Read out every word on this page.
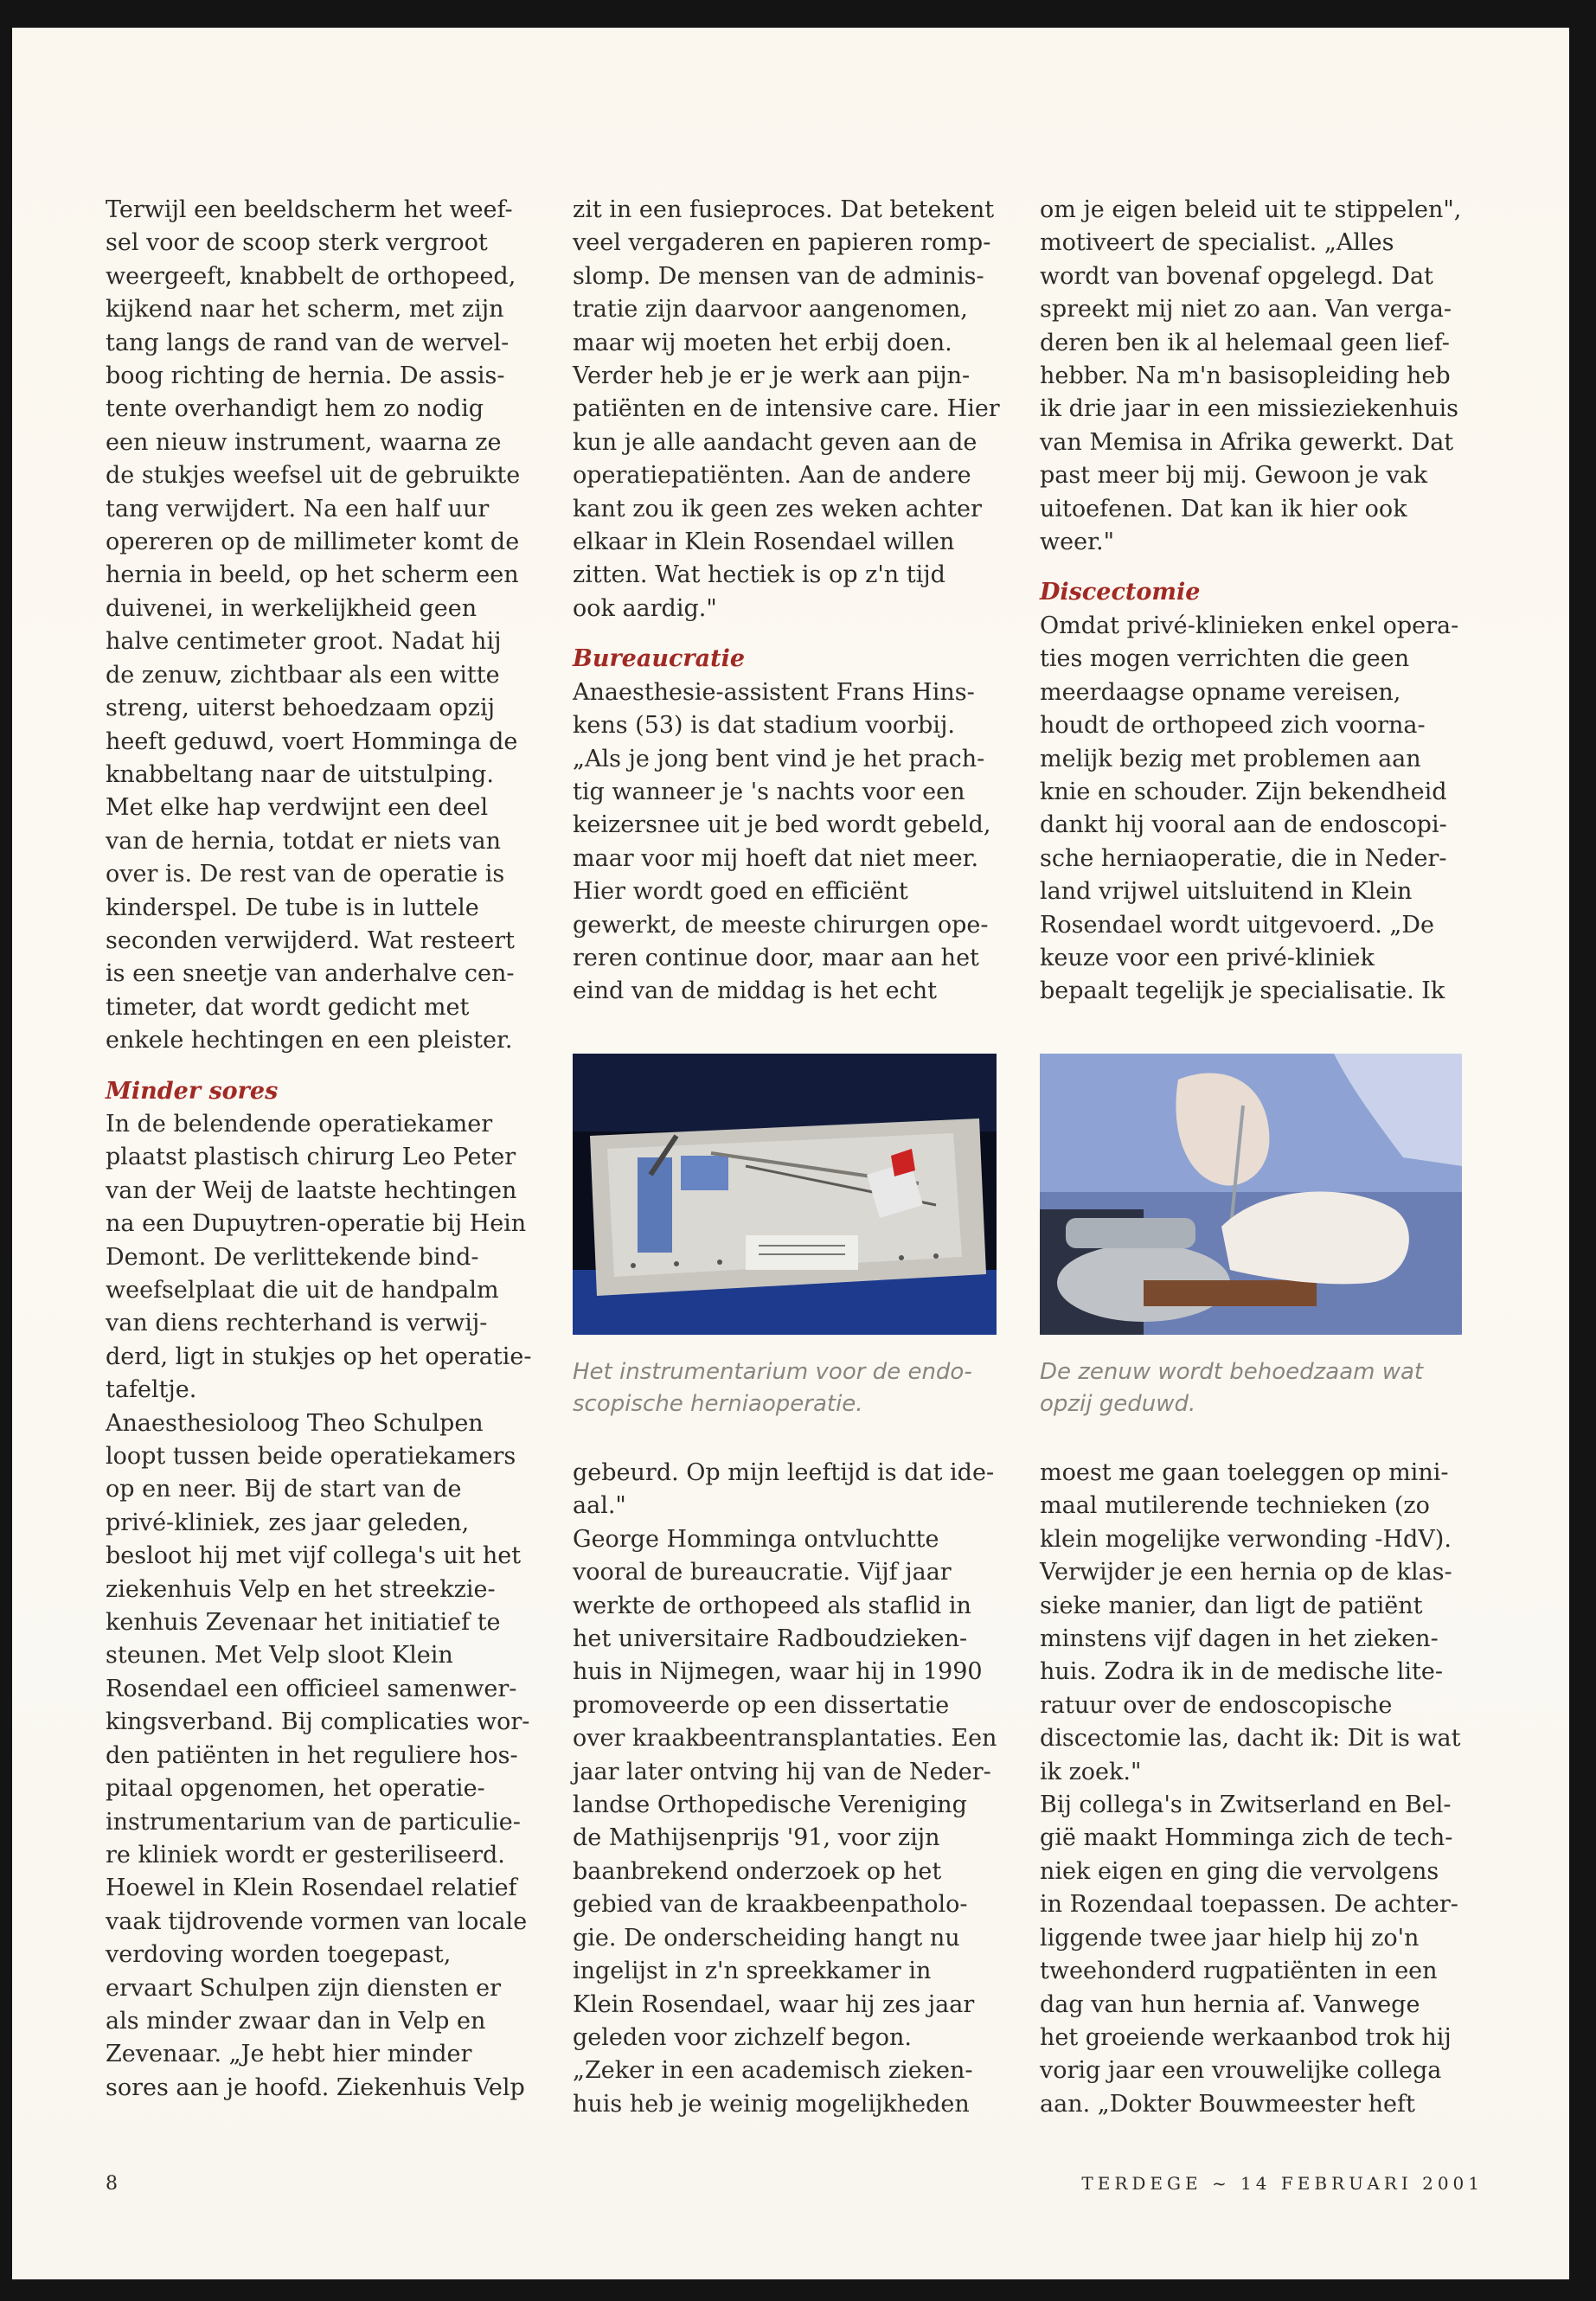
Terwijl een beeldscherm het weef-
sel voor de scoop sterk vergroot
weergeeft, knabbelt de orthopeed,
kijkend naar het scherm, met zijn
tang langs de rand van de wervel-
boog richting de hernia. De assis-
tente overhandigt hem zo nodig
een nieuw instrument, waarna ze
de stukjes weefsel uit de gebruikte
tang verwijdert. Na een half uur
opereren op de millimeter komt de
hernia in beeld, op het scherm een
duivenei, in werkelijkheid geen
halve centimeter groot. Nadat hij
de zenuw, zichtbaar als een witte
streng, uiterst behoedzaam opzij
heeft geduwd, voert Homminga de
knabbeltang naar de uitstulping.
Met elke hap verdwijnt een deel
van de hernia, totdat er niets van
over is. De rest van de operatie is
kinderspel. De tube is in luttele
seconden verwijderd. Wat resteert
is een sneetje van anderhalve cen-
timeter, dat wordt gedicht met
enkele hechtingen en een pleister.

Minder sores

In de belendende operatiekamer
plaatst plastisch chirurg Leo Peter
van der Weij de laatste hechtingen
na een Dupuytren-operatie bij Hein
Demont. De verlittekende bind-
weefselplaat die uit de handpalm
van diens rechterhand is verwij-
derd, ligt in stukjes op het operatie-
tafeltje.
Anaesthesioloog Theo Schulpen
loopt tussen beide operatiekamers
op en neer. Bij de start van de
privé-kliniek, zes jaar geleden,
besloot hij met vijf collega's uit het
ziekenhuis Velp en het streekzie-
kenhuis Zevenaar het initiatief te
steunen. Met Velp sloot Klein
Rosendael een officieel samenwer-
kingsverband. Bij complicaties wor-
den patiënten in het reguliere hos-
pitaal opgenomen, het operatie-
instrumentarium van de particulie-
re kliniek wordt er gesteriliseerd.
Hoewel in Klein Rosendael relatief
vaak tijdrovende vormen van locale
verdoving worden toegepast,
ervaart Schulpen zijn diensten er
als minder zwaar dan in Velp en
Zevenaar. „Je hebt hier minder
sores aan je hoofd. Ziekenhuis Velp
zit in een fusieproces. Dat betekent
veel vergaderen en papieren romp-
slomp. De mensen van de adminis-
tratie zijn daarvoor aangenomen,
maar wij moeten het erbij doen.
Verder heb je er je werk aan pijn-
patiënten en de intensive care. Hier
kun je alle aandacht geven aan de
operatiepatiënten. Aan de andere
kant zou ik geen zes weken achter
elkaar in Klein Rosendael willen
zitten. Wat hectiek is op z'n tijd
ook aardig."

Bureaucratie

Anaesthesie-assistent Frans Hins-
kens (53) is dat stadium voorbij.
„Als je jong bent vind je het prach-
tig wanneer je 's nachts voor een
keizersnee uit je bed wordt gebeld,
maar voor mij hoeft dat niet meer.
Hier wordt goed en efficiënt
gewerkt, de meeste chirurgen ope-
reren continue door, maar aan het
eind van de middag is het echt
gebeurd. Op mijn leeftijd is dat ide-
aal."
George Homminga ontvluchtte
vooral de bureaucratie. Vijf jaar
werkte de orthopeed als staflid in
het universitaire Radboudzieken-
huis in Nijmegen, waar hij in 1990
promoveerde op een dissertatie
over kraakbeentransplantaties. Een
jaar later ontving hij van de Neder-
landse Orthopedische Vereniging
de Mathijsenprijs '91, voor zijn
baanbrekend onderzoek op het
gebied van de kraakbeenpatholo-
gie. De onderscheiding hangt nu
ingelijst in z'n spreekkamer in
Klein Rosendael, waar hij zes jaar
geleden voor zichzelf begon.
„Zeker in een academisch zieken-
huis heb je weinig mogelijkheden
om je eigen beleid uit te stippelen",
motiveert de specialist. „Alles
wordt van bovenaf opgelegd. Dat
spreekt mij niet zo aan. Van verga-
deren ben ik al helemaal geen lief-
hebber. Na m'n basisopleiding heb
ik drie jaar in een missieziekenhuis
van Memisa in Afrika gewerkt. Dat
past meer bij mij. Gewoon je vak
uitoefenen. Dat kan ik hier ook
weer."

Discectomie

Omdat privé-klinieken enkel opera-
ties mogen verrichten die geen
meerdaagse opname vereisen,
houdt de orthopeed zich voorna-
melijk bezig met problemen aan
knie en schouder. Zijn bekendheid
dankt hij vooral aan de endoscopi-
sche herniaoperatie, die in Neder-
land vrijwel uitsluitend in Klein
Rosendael wordt uitgevoerd. „De
keuze voor een privé-kliniek
bepaalt tegelijk je specialisatie. Ik
moest me gaan toeleggen op mini-
maal mutilerende technieken (zo
klein mogelijke verwonding -HdV).
Verwijder je een hernia op de klas-
sieke manier, dan ligt de patiënt
minstens vijf dagen in het zieken-
huis. Zodra ik in de medische lite-
ratuur over de endoscopische
discectomie las, dacht ik: Dit is wat
ik zoek."
Bij collega's in Zwitserland en Bel-
gië maakt Homminga zich de tech-
niek eigen en ging die vervolgens
in Rozendaal toepassen. De achter-
liggende twee jaar hielp hij zo'n
tweehonderd rugpatiënten in een
dag van hun hernia af. Vanwege
het groeiende werkaanbod trok hij
vorig jaar een vrouwelijke collega
aan. „Dokter Bouwmeester heft
Het instrumentarium voor de endo-
scopische herniaoperatie.
De zenuw wordt behoedzaam wat
opzij geduwd.
8	TERDEGE ~ 14 FEBRUARI 2001
